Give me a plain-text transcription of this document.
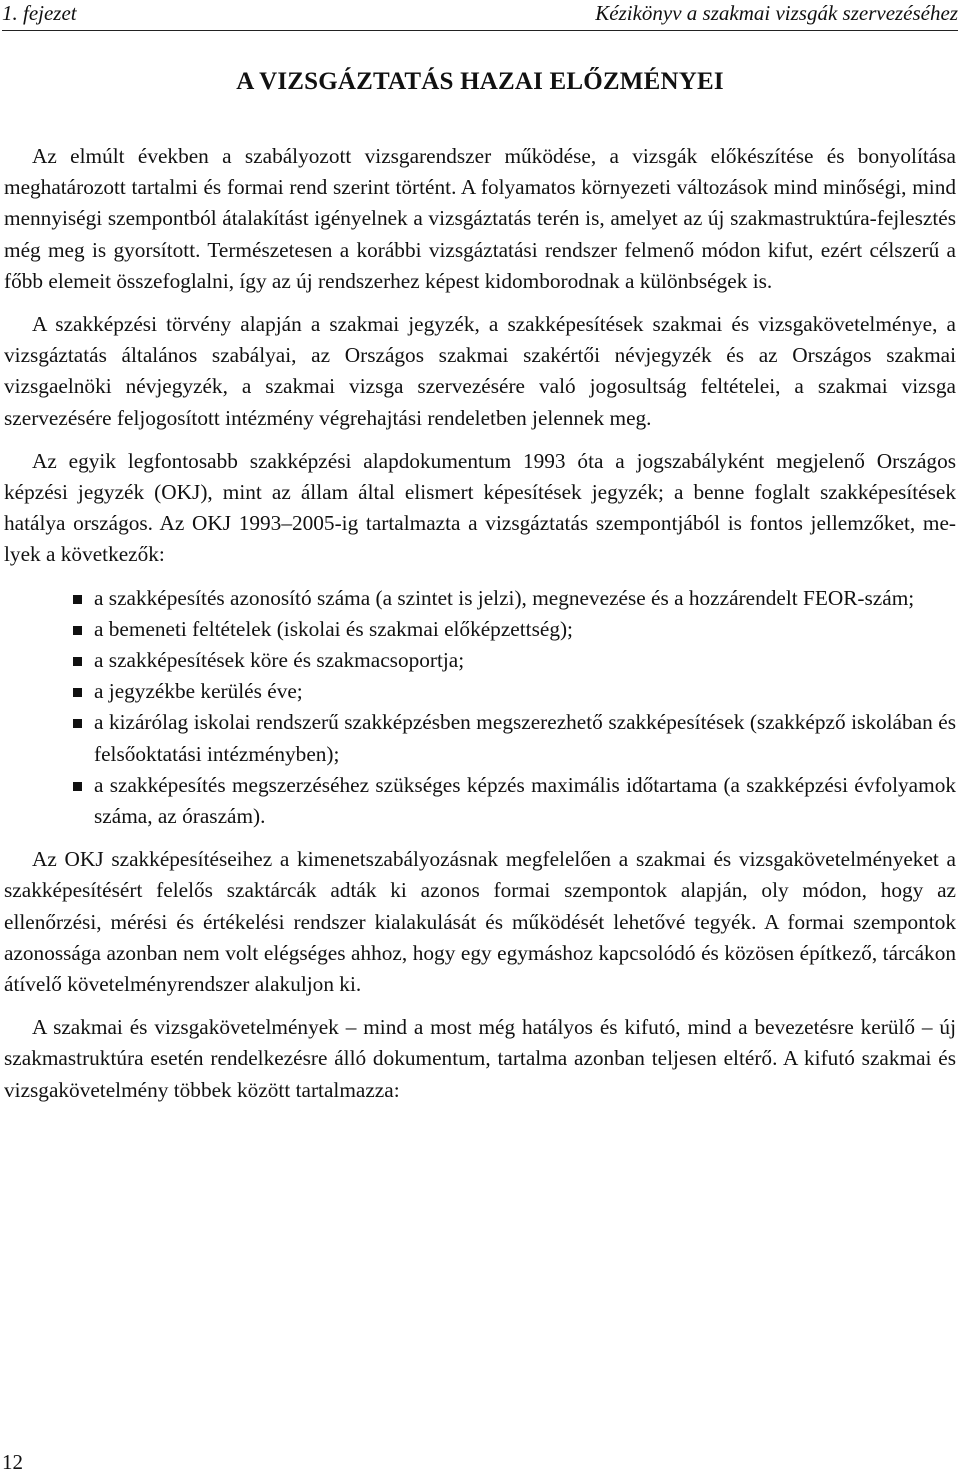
1. fejezet	Kézikönyv a szakmai vizsgák szervezéséhez
A VIZSGÁZTATÁS HAZAI ELŐZMÉNYEI

Az elmúlt években a szabályozott vizsgarendszer működése, a vizsgák előkészítése és bonyolítása meghatározott tartalmi és formai rend szerint történt. A folyamatos környezeti változások mind minőségi, mind mennyiségi szempontból átalakítást igényelnek a vizsgáztatás terén is, amelyet az új szakmastruktúra-fejlesztés még meg is gyorsított. Természetesen a korábbi vizsgáztatási rendszer felmenő módon kifut, ezért célszerű a főbb elemeit összefoglalni, így az új rendszerhez képest kidomborodnak a különbségek is.

A szakképzési törvény alapján a szakmai jegyzék, a szakképesítések szakmai és vizsgakövetelménye, a vizsgáztatás általános szabályai, az Országos szakmai szakértői névjegyzék és az Országos szakmai vizsgaelnöki névjegyzék, a szakmai vizsga szervezésére való jogosultság feltételei, a szakmai vizsga szervezésére feljogosított intézmény végrehajtási rendeletben jelennek meg.

Az egyik legfontosabb szakképzési alapdokumentum 1993 óta a jogszabályként megjelenő Országos képzési jegyzék (OKJ), mint az állam által elismert képesítések jegyzék; a benne foglalt szakképesítések hatálya országos. Az OKJ 1993–2005-ig tartalmazta a vizsgáztatás szempontjából is fontos jellemzőket, melyek a következők:

a szakképesítés azonosító száma (a szintet is jelzi), megnevezése és a hozzárendelt FEOR-szám;
a bemeneti feltételek (iskolai és szakmai előképzettség);
a szakképesítések köre és szakmacsoportja;
a jegyzékbe kerülés éve;
a kizárólag iskolai rendszerű szakképzésben megszerezhető szakképesítések (szakképző iskolában és felsőoktatási intézményben);
a szakképesítés megszerzéséhez szükséges képzés maximális időtartama (a szakképzési évfolyamok száma, az óraszám).

Az OKJ szakképesítéseihez a kimenetszabályozásnak megfelelően a szakmai és vizsgakövetelményeket a szakképesítésért felelős szaktárcák adták ki azonos formai szempontok alapján, oly módon, hogy az ellenőrzési, mérési és értékelési rendszer kialakulását és működését lehetővé tegyék. A formai szempontok azonossága azonban nem volt elégséges ahhoz, hogy egy egymáshoz kapcsolódó és közösen építkező, tárcákon átívelő követelményrendszer alakuljon ki.

A szakmai és vizsgakövetelmények – mind a most még hatályos és kifutó, mind a bevezetésre kerülő – új szakmastruktúra esetén rendelkezésre álló dokumentum, tartalma azonban teljesen eltérő. A kifutó szakmai és vizsgakövetelmény többek között tartalmazza:

12
